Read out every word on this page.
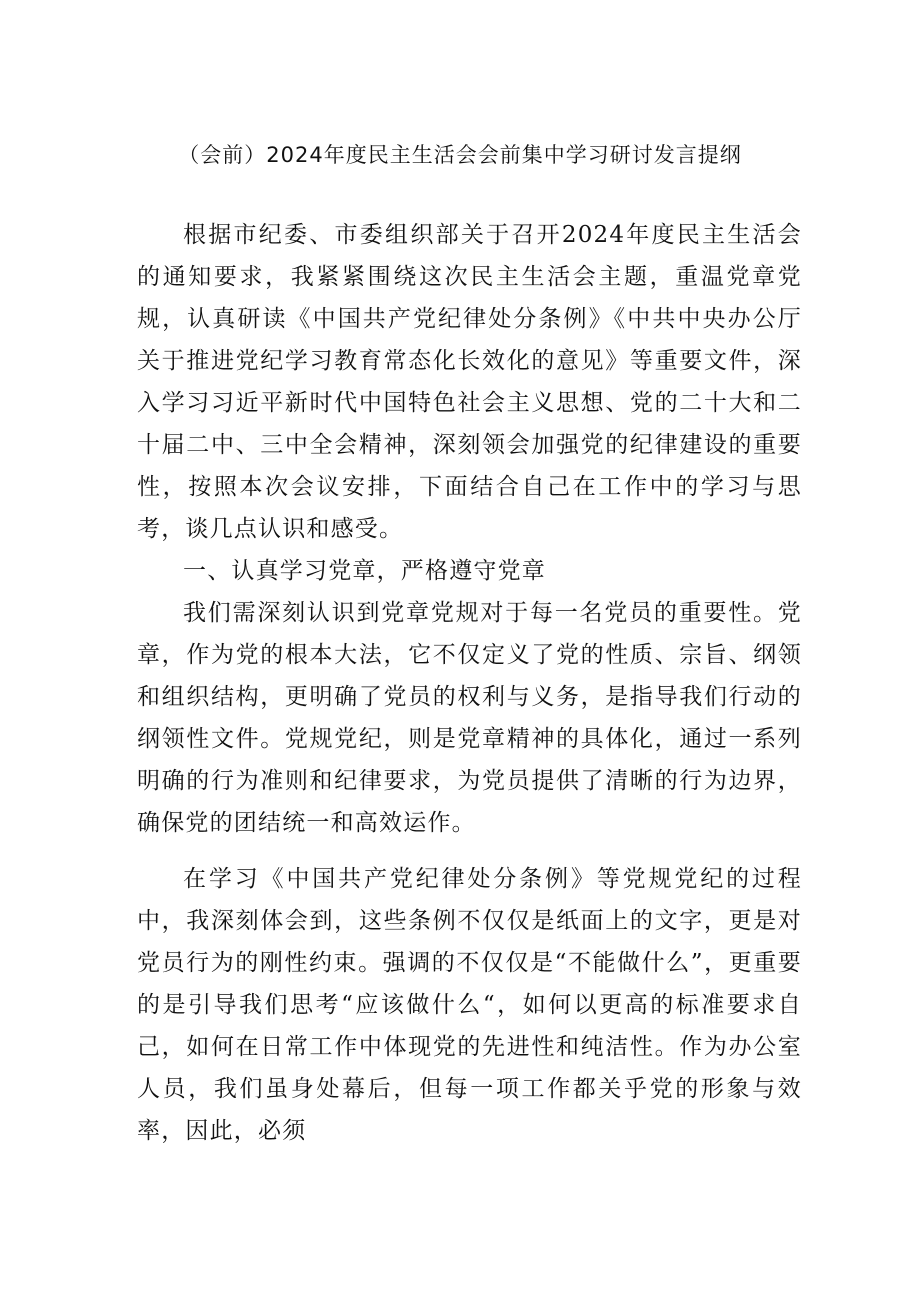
（会前）2024年度民主生活会会前集中学习研讨发言提纲

根据市纪委、市委组织部关于召开2024年度民主生活会的通知要求，我紧紧围绕这次民主生活会主题，重温党章党规，认真研读《中国共产党纪律处分条例》《中共中央办公厅关于推进党纪学习教育常态化长效化的意见》等重要文件，深入学习习近平新时代中国特色社会主义思想、党的二十大和二十届二中、三中全会精神，深刻领会加强党的纪律建设的重要性，按照本次会议安排，下面结合自己在工作中的学习与思考，谈几点认识和感受。

一、认真学习党章，严格遵守党章

我们需深刻认识到党章党规对于每一名党员的重要性。党章，作为党的根本大法，它不仅定义了党的性质、宗旨、纲领和组织结构，更明确了党员的权利与义务，是指导我们行动的纲领性文件。党规党纪，则是党章精神的具体化，通过一系列明确的行为准则和纪律要求，为党员提供了清晰的行为边界，确保党的团结统一和高效运作。

在学习《中国共产党纪律处分条例》等党规党纪的过程中，我深刻体会到，这些条例不仅仅是纸面上的文字，更是对党员行为的刚性约束。强调的不仅仅是“不能做什么”，更重要的是引导我们思考“应该做什么“，如何以更高的标准要求自己，如何在日常工作中体现党的先进性和纯洁性。作为办公室人员，我们虽身处幕后，但每一项工作都关乎党的形象与效率，因此，必须
